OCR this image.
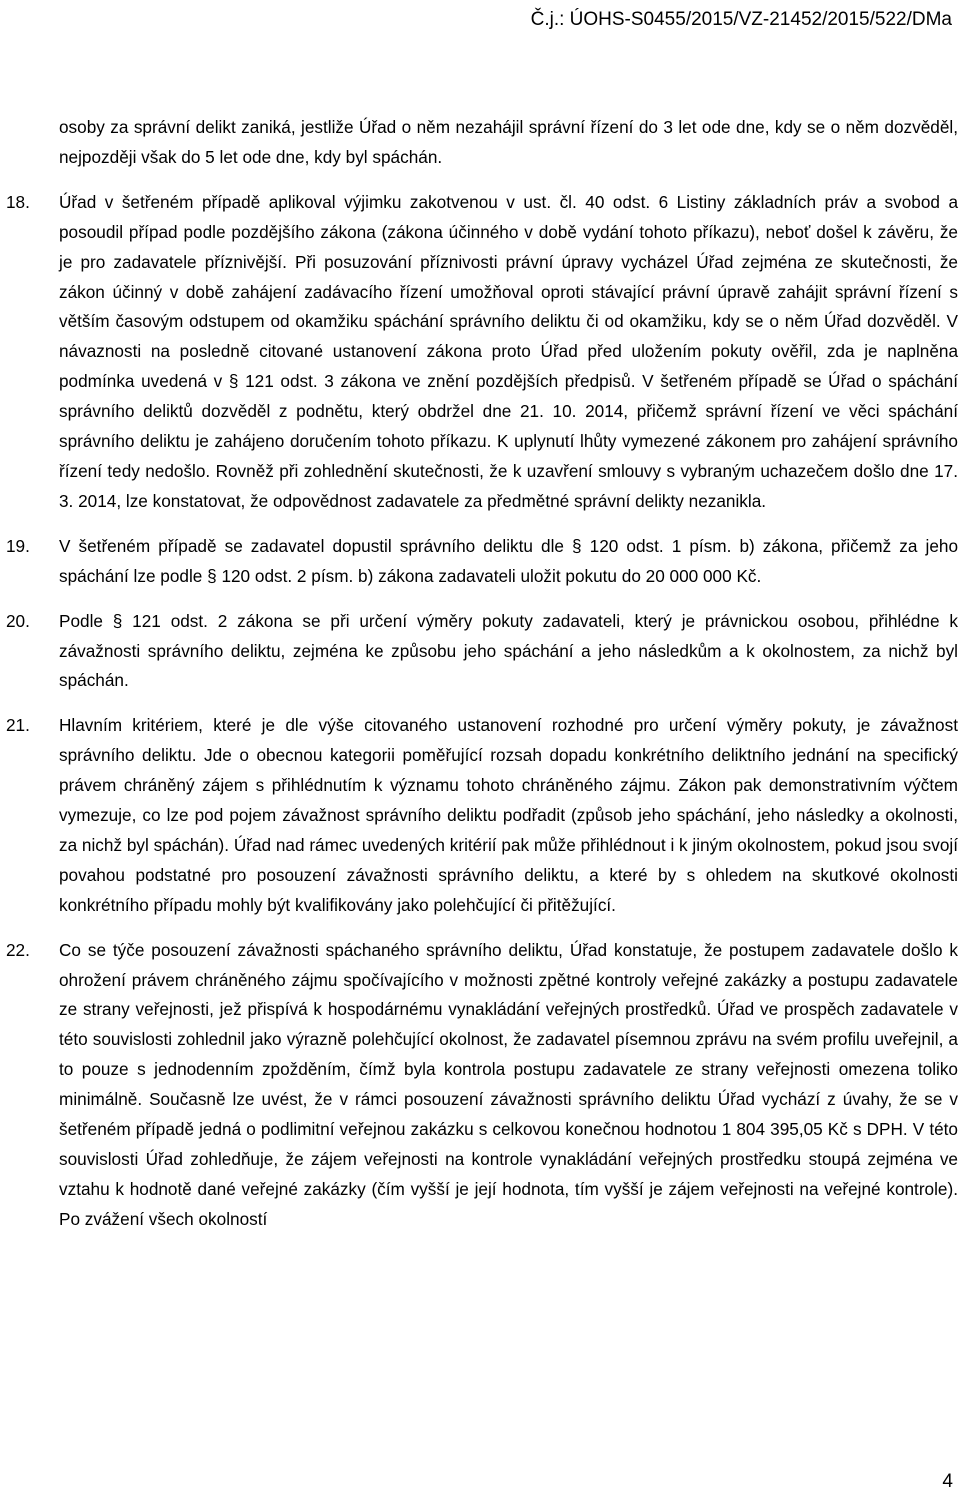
Č.j.: ÚOHS-S0455/2015/VZ-21452/2015/522/DMa

osoby za správní delikt zaniká, jestliže Úřad o něm nezahájil správní řízení do 3 let ode dne, kdy se o něm dozvěděl, nejpozději však do 5 let ode dne, kdy byl spáchán.

18. Úřad v šetřeném případě aplikoval výjimku zakotvenou v ust. čl. 40 odst. 6 Listiny základních práv a svobod a posoudil případ podle pozdějšího zákona (zákona účinného v době vydání tohoto příkazu), neboť došel k závěru, že je pro zadavatele příznivější. Při posuzování příznivosti právní úpravy vycházel Úřad zejména ze skutečnosti, že zákon účinný v době zahájení zadávacího řízení umožňoval oproti stávající právní úpravě zahájit správní řízení s větším časovým odstupem od okamžiku spáchání správního deliktu či od okamžiku, kdy se o něm Úřad dozvěděl. V návaznosti na posledně citované ustanovení zákona proto Úřad před uložením pokuty ověřil, zda je naplněna podmínka uvedená v § 121 odst. 3 zákona ve znění pozdějších předpisů. V šetřeném případě se Úřad o spáchání správního deliktů dozvěděl z podnětu, který obdržel dne 21. 10. 2014, přičemž správní řízení ve věci spáchání správního deliktu je zahájeno doručením tohoto příkazu. K uplynutí lhůty vymezené zákonem pro zahájení správního řízení tedy nedošlo. Rovněž při zohlednění skutečnosti, že k uzavření smlouvy s vybraným uchazečem došlo dne 17. 3. 2014, lze konstatovat, že odpovědnost zadavatele za předmětné správní delikty nezanikla.
19. V šetřeném případě se zadavatel dopustil správního deliktu dle § 120 odst. 1 písm. b) zákona, přičemž za jeho spáchání lze podle § 120 odst. 2 písm. b) zákona zadavateli uložit pokutu do 20 000 000 Kč.
20. Podle § 121 odst. 2 zákona se při určení výměry pokuty zadavateli, který je právnickou osobou, přihlédne k závažnosti správního deliktu, zejména ke způsobu jeho spáchání a jeho následkům a k okolnostem, za nichž byl spáchán.
21. Hlavním kritériem, které je dle výše citovaného ustanovení rozhodné pro určení výměry pokuty, je závažnost správního deliktu. Jde o obecnou kategorii poměřující rozsah dopadu konkrétního deliktního jednání na specifický právem chráněný zájem s přihlédnutím k významu tohoto chráněného zájmu. Zákon pak demonstrativním výčtem vymezuje, co lze pod pojem závažnost správního deliktu podřadit (způsob jeho spáchání, jeho následky a okolnosti, za nichž byl spáchán). Úřad nad rámec uvedených kritérií pak může přihlédnout i k jiným okolnostem, pokud jsou svojí povahou podstatné pro posouzení závažnosti správního deliktu, a které by s ohledem na skutkové okolnosti konkrétního případu mohly být kvalifikovány jako polehčující či přitěžující.
22. Co se týče posouzení závažnosti spáchaného správního deliktu, Úřad konstatuje, že postupem zadavatele došlo k ohrožení právem chráněného zájmu spočívajícího v možnosti zpětné kontroly veřejné zakázky a postupu zadavatele ze strany veřejnosti, jež přispívá k hospodárnému vynakládání veřejných prostředků. Úřad ve prospěch zadavatele v této souvislosti zohlednil jako výrazně polehčující okolnost, že zadavatel písemnou zprávu na svém profilu uveřejnil, a to pouze s jednodenním zpožděním, čímž byla kontrola postupu zadavatele ze strany veřejnosti omezena toliko minimálně. Současně lze uvést, že v rámci posouzení závažnosti správního deliktu Úřad vychází z úvahy, že se v šetřeném případě jedná o podlimitní veřejnou zakázku s celkovou konečnou hodnotou 1 804 395,05 Kč s DPH. V této souvislosti Úřad zohledňuje, že zájem veřejnosti na kontrole vynakládání veřejných prostředku stoupá zejména ve vztahu k hodnotě dané veřejné zakázky (čím vyšší je její hodnota, tím vyšší je zájem veřejnosti na veřejné kontrole). Po zvážení všech okolností
4
